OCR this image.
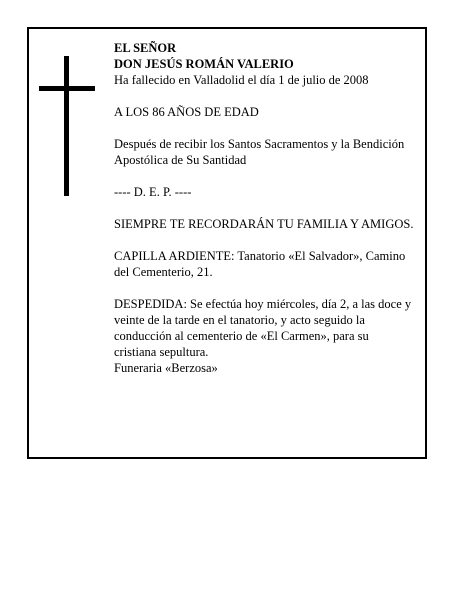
EL SEÑOR

DON JESÚS ROMÁN VALERIO

Ha fallecido en Valladolid el día 1 de julio de 2008

A LOS 86 AÑOS DE EDAD

Después de recibir los Santos Sacramentos y la Bendición Apostólica de Su Santidad

---- D. E. P. ----

SIEMPRE TE RECORDARÁN TU FAMILIA Y AMIGOS.

CAPILLA ARDIENTE: Tanatorio «El Salvador», Camino del Cementerio, 21.

DESPEDIDA: Se efectúa hoy miércoles, día 2, a las doce y veinte de la tarde en el tanatorio, y acto seguido la conducción al cementerio de «El Carmen», para su cristiana sepultura.

Funeraria «Berzosa»
